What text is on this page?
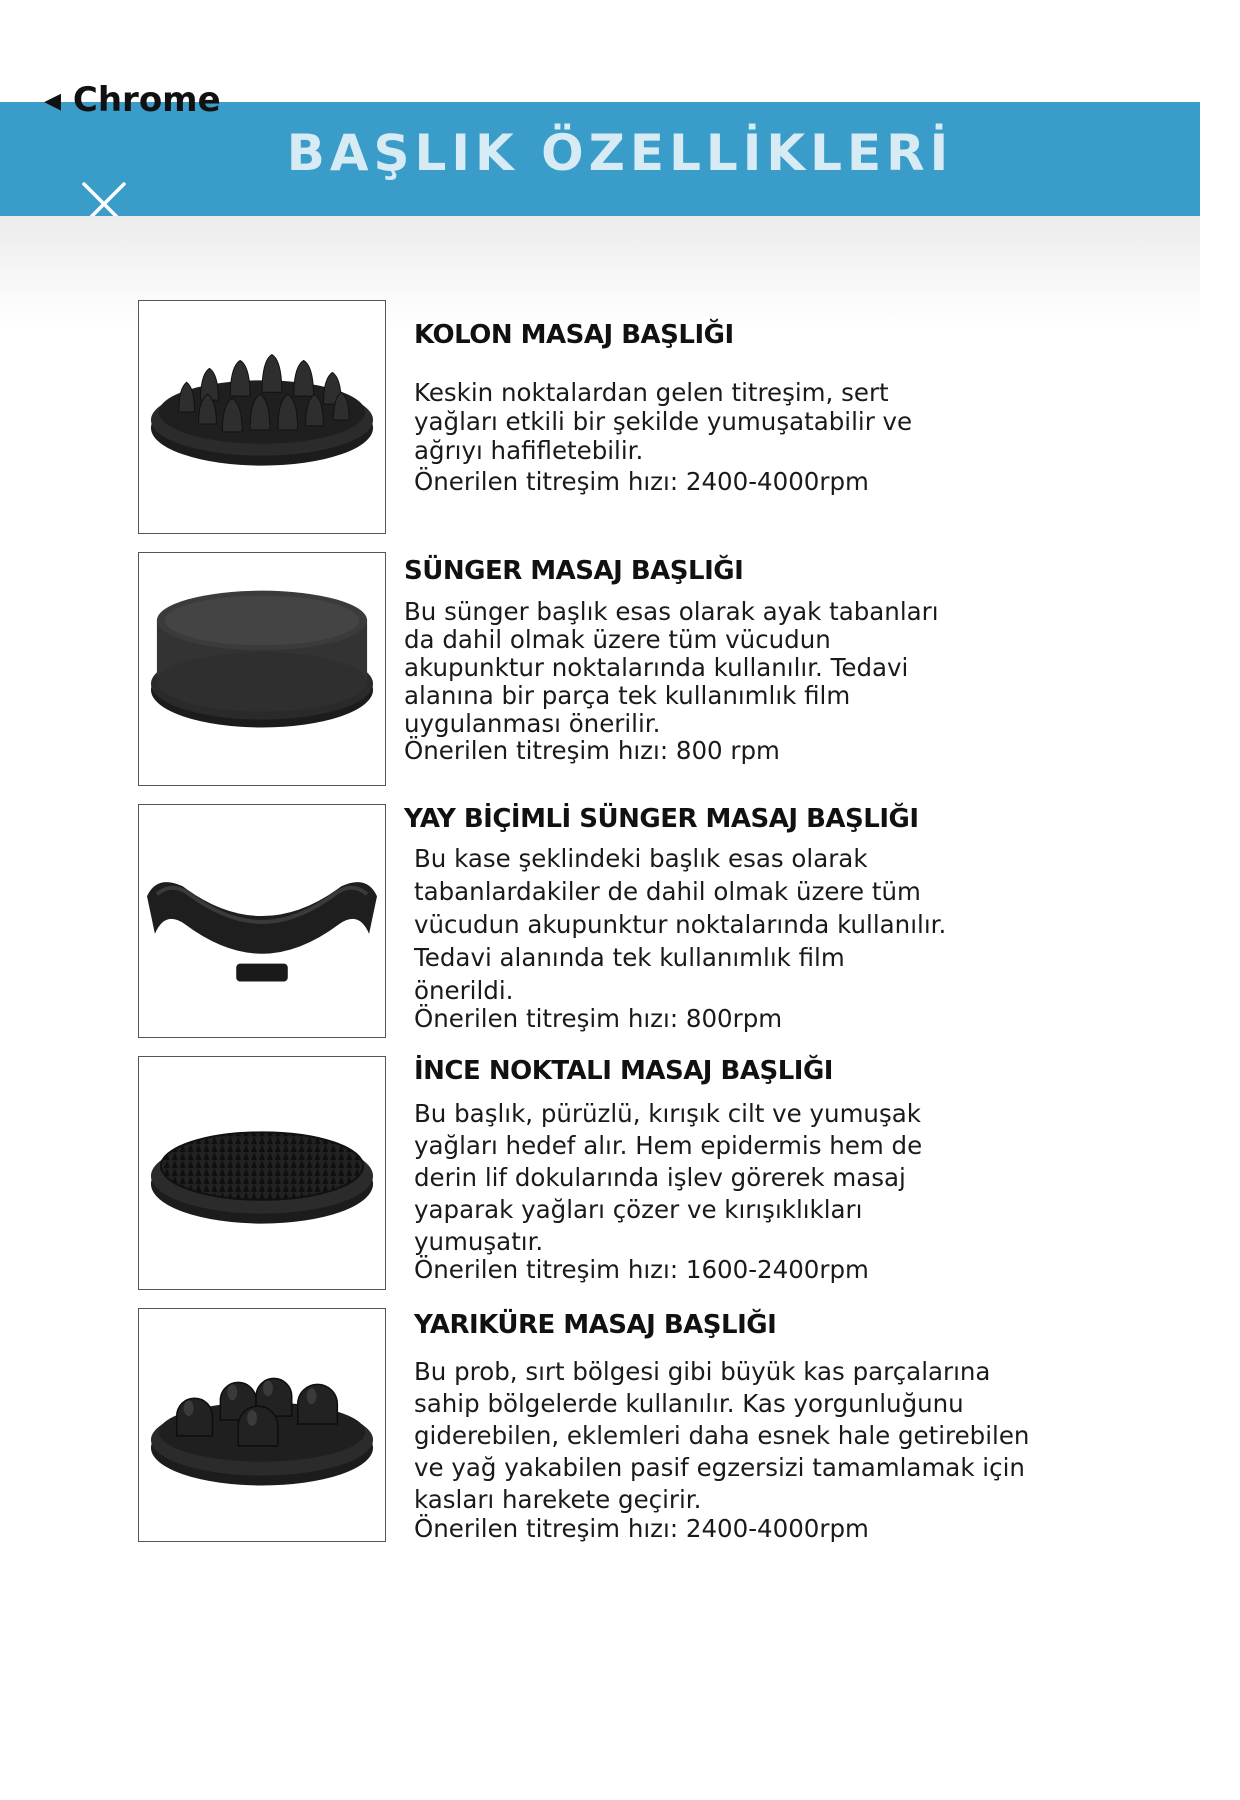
◂ Chrome
BAŞLIK ÖZELLİKLERİ
KOLON MASAJ BAŞLIĞI
Keskin noktalardan gelen titreşim, sert
yağları etkili bir şekilde yumuşatabilir ve
ağrıyı hafifletebilir.
Önerilen titreşim hızı: 2400-4000rpm
SÜNGER MASAJ BAŞLIĞI
Bu sünger başlık esas olarak ayak tabanları
da dahil olmak üzere tüm vücudun
akupunktur noktalarında kullanılır. Tedavi
alanına bir parça tek kullanımlık film
uygulanması önerilir.
Önerilen titreşim hızı: 800 rpm
YAY BİÇİMLİ SÜNGER MASAJ BAŞLIĞI
Bu kase şeklindeki başlık esas olarak
tabanlardakiler de dahil olmak üzere tüm
vücudun akupunktur noktalarında kullanılır.
Tedavi alanında tek kullanımlık film
önerildi.
Önerilen titreşim hızı: 800rpm
İNCE NOKTALI MASAJ BAŞLIĞI
Bu başlık, pürüzlü, kırışık cilt ve yumuşak
yağları hedef alır. Hem epidermis hem de
derin lif dokularında işlev görerek masaj
yaparak yağları çözer ve kırışıklıkları
yumuşatır.
Önerilen titreşim hızı: 1600-2400rpm
YARIKÜRE MASAJ BAŞLIĞI
Bu prob, sırt bölgesi gibi büyük kas parçalarına
sahip bölgelerde kullanılır. Kas yorgunluğunu
giderebilen, eklemleri daha esnek hale getirebilen
ve yağ yakabilen pasif egzersizi tamamlamak için
kasları harekete geçirir.
Önerilen titreşim hızı: 2400-4000rpm
